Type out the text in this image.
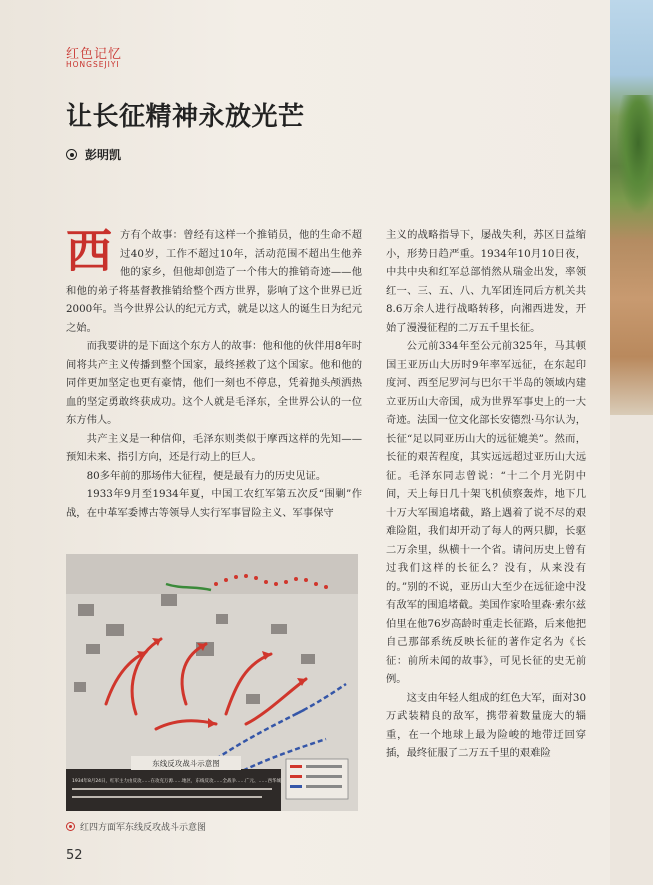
红色记忆
HONGSEJIYI
让长征精神永放光芒
彭明凯

西方有个故事：曾经有这样一个推销员，他的生命不超过40岁，工作不超过10年，活动范围不超出生他养他的家乡，但他却创造了一个伟大的推销奇迹——他和他的弟子将基督教推销给整个西方世界，影响了这个世界已近2000年。当今世界公认的纪元方式，就是以这人的诞生日为纪元之始。

而我要讲的是下面这个东方人的故事：他和他的伙伴用8年时间将共产主义传播到整个国家，最终拯救了这个国家。他和他的同伴更加坚定也更有豪情，他们一刻也不停息，凭着抛头颅洒热血的坚定勇敢终获成功。这个人就是毛泽东，全世界公认的一位东方伟人。

共产主义是一种信仰，毛泽东则类似于摩西这样的先知——预知未来、指引方向，还是行动上的巨人。

80多年前的那场伟大征程，便是最有力的历史见证。

1933年9月至1934年夏，中国工农红军第五次反“围剿”作战，在中革军委博古等领导人实行军事冒险主义、军事保守

主义的战略指导下，屡战失利，苏区日益缩小，形势日趋严重。1934年10月10日夜，中共中央和红军总部悄然从瑞金出发，率领红一、三、五、八、九军团连同后方机关共8.6万余人进行战略转移，向湘西进发，开始了漫漫征程的二万五千里长征。

公元前334年至公元前325年，马其顿国王亚历山大历时9年率军远征，在东起印度河、西至尼罗河与巴尔干半岛的领域内建立亚历山大帝国，成为世界军事史上的一大奇迹。法国一位文化部长安德烈·马尔认为，长征“足以同亚历山大的远征媲美”。然而，长征的艰苦程度，其实远远超过亚历山大远征。毛泽东同志曾说：“十二个月光阴中间，天上每日几十架飞机侦察轰炸，地下几十万大军围追堵截，路上遇着了说不尽的艰难险阻，我们却开动了每人的两只脚，长驱二万余里，纵横十一个省。请问历史上曾有过我们这样的长征么？没有，从来没有的。”别的不说，亚历山大至少在远征途中没有敌军的围追堵截。美国作家哈里森·索尔兹伯里在他76岁高龄时重走长征路，后来他把自己那部系统反映长征的著作定名为《长征：前所未闻的故事》，可见长征的史无前例。

这支由年轻人组成的红色大军，面对30万武装精良的敌军，携带着数量庞大的辎重，在一个地球上最为险峻的地带迂回穿插，最终征服了二万五千里的艰难险

东线反攻战斗示意图
1934年8月24日，红军主力由反攻……在攻克万源……地区，东线反攻……全战争……广元、……西华城
红四方面军东线反攻战斗示意图
52
